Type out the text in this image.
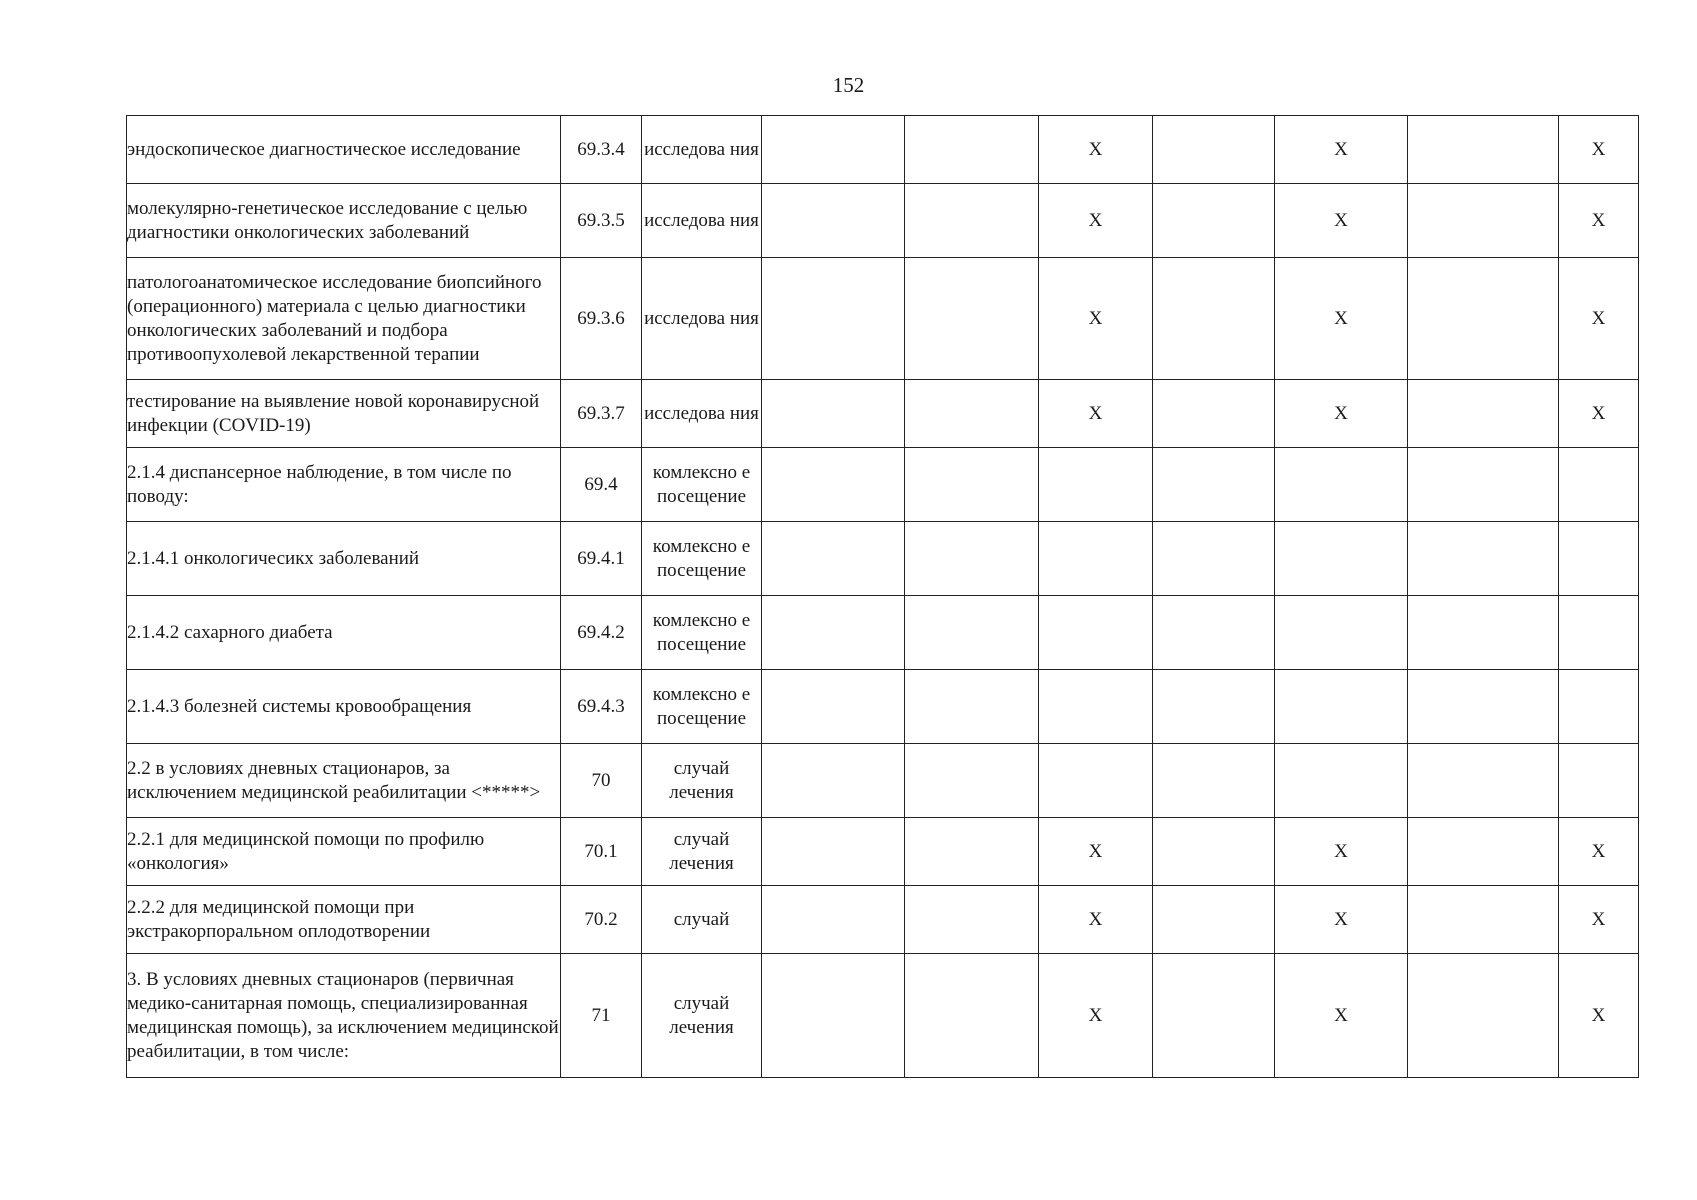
152
эндоскопическое диагностическое исследование	69.3.4	исследова ния			X		X		X
молекулярно-генетическое исследование с целью диагностики онкологических заболеваний	69.3.5	исследова ния			X		X		X
патологоанатомическое исследование биопсийного (операционного) материала с целью диагностики онкологических заболеваний и подбора противоопухолевой лекарственной терапии	69.3.6	исследова ния			X		X		X
тестирование на выявление новой коронавирусной инфекции (COVID-19)	69.3.7	исследова ния			X		X		X
2.1.4 диспансерное наблюдение, в том числе по поводу:	69.4	комлексно е посещение							
2.1.4.1 онкологичесикх заболеваний	69.4.1	комлексно е посещение							
2.1.4.2 сахарного диабета	69.4.2	комлексно е посещение							
2.1.4.3 болезней системы кровообращения	69.4.3	комлексно е посещение							
2.2 в условиях дневных стационаров, за исключением медицинской реабилитации <*****>	70	случай лечения							
2.2.1 для медицинской помощи по профилю «онкология»	70.1	случай лечения			X		X		X
2.2.2 для медицинской помощи при экстракорпоральном оплодотворении	70.2	случай			X		X		X
3. В условиях дневных стационаров (первичная медико-санитарная помощь, специализированная медицинская помощь), за исключением медицинской реабилитации, в том числе:	71	случай лечения			X		X		X
